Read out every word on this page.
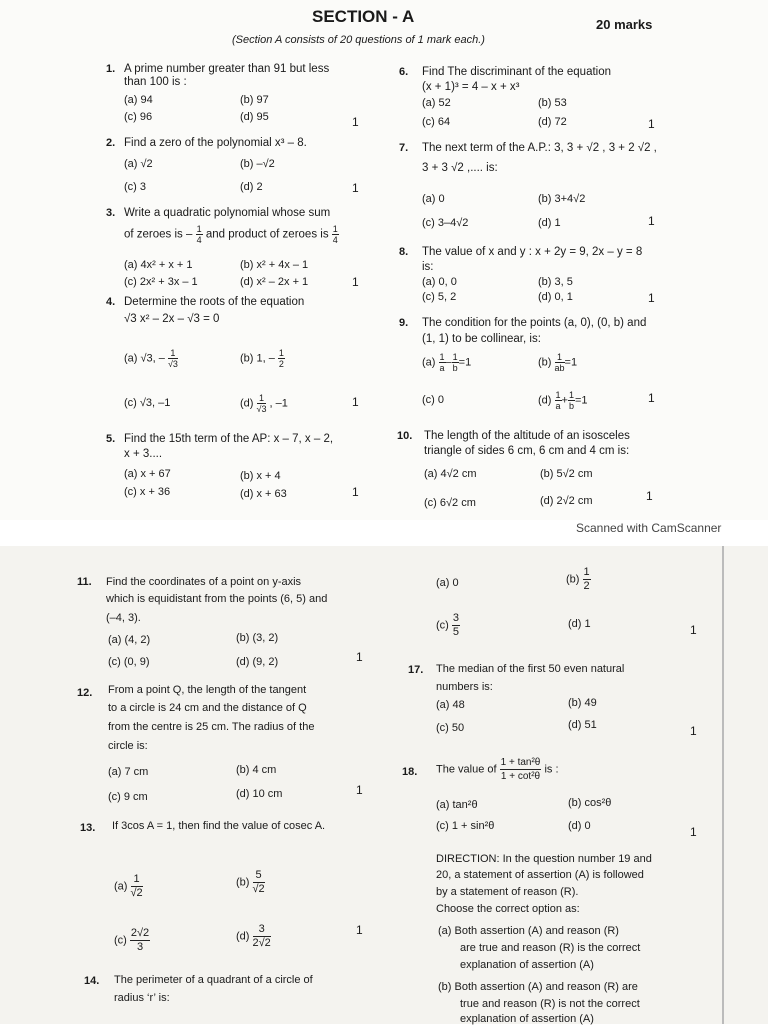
SECTION - A	20 marks
(Section A consists of 20 questions of 1 mark each.)
1. A prime number greater than 91 but less
than 100 is :
(a) 94	(b) 97
(c) 96	(d) 95	1
2. Find a zero of the polynomial x³ – 8.
(a) √2	(b) –√2
(c) 3	(d) 2	1
3. Write a quadratic polynomial whose sum
of zeroes is – $\frac{1}{4}$ and product of zeroes is $\frac{1}{4}$
(a) 4x² + x + 1	(b) x² + 4x – 1
(c) 2x² + 3x – 1	(d) x² – 2x + 1	1
4. Determine the roots of the equation
√3 x² – 2x – √3 = 0
(a) √3, – $\frac{1}{√3}$	(b) 1, – $\frac{1}{2}$
(c) √3, –1	$(d) \frac{1}{√3}$ , –1	1
5. Find the 15th term of the AP: x – 7, x – 2,
x + 3....
(a) x + 67	(b) x + 4
(c) x + 36	(d) x + 63	1
6. Find The discriminant of the equation
(x + 1)³ = 4 – x + x³
(a) 52	(b) 53
(c) 64	(d) 72	1
7. The next term of the A.P.: 3, 3 + √2 , 3 + 2 √2 ,
3 + 3 √2 ,.... is:
(a) 0	(b) 3+4√2
(c) 3–4√2	(d) 1	1
8. The value of x and y : x + 2y = 9, 2x – y = 8
is:
(a) 0, 0	(b) 3, 5
(c) 5, 2	(d) 0, 1	1
9. The condition for the points (a, 0), (0, b) and
(1, 1) to be collinear, is:
$(a) \frac{1}{a} - \frac{1}{b} =1$	$(b) \frac{1}{ab} =1$
(c) 0	$(d) \frac{1}{a} + \frac{1}{b} =1$	1
10. The length of the altitude of an isosceles
triangle of sides 6 cm, 6 cm and 4 cm is:
(a) 4√2 cm	(b) 5√2 cm
(c) 6√2 cm	(d) 2√2 cm	1
Scanned with CamScanner
11. Find the coordinates of a point on y-axis
which is equidistant from the points (6, 5) and
(–4, 3).
(a) (4, 2)	(b) (3, 2)
(c) (0, 9)	(d) (9, 2)	1
12. From a point Q, the length of the tangent
to a circle is 24 cm and the distance of Q
from the centre is 25 cm. The radius of the
circle is:
(a) 7 cm	(b) 4 cm
(c) 9 cm	(d) 10 cm	1
13. If 3cos A = 1, then find the value of cosec A.
$(a) \frac{1}{√2}$	$(b) \frac{5}{√2}$
$(c) \frac{2√2}{3}$	$(d) \frac{3}{2√2}$	1
14. The perimeter of a quadrant of a circle of
radius ‘r’ is:
(a) 0	$(b) \frac{1}{2}$
$(c) \frac{3}{5}$	(d) 1	1
17. The median of the first 50 even natural
numbers is:
(a) 48	(b) 49
(c) 50	(d) 51	1
18. The value of $\frac{\text{1 + tan²θ}}{\text{1 + cot²θ}}$ is :
(a) tan²θ	(b) cos²θ
(c) 1 + sin²θ	(d) 0	1
DIRECTION: In the question number 19 and
20, a statement of assertion (A) is followed
by a statement of reason (R).
Choose the correct option as:
(a) Both assertion (A) and reason (R)
are true and reason (R) is the correct
explanation of assertion (A)
(b) Both assertion (A) and reason (R) are
true and reason (R) is not the correct
explanation of assertion (A)
